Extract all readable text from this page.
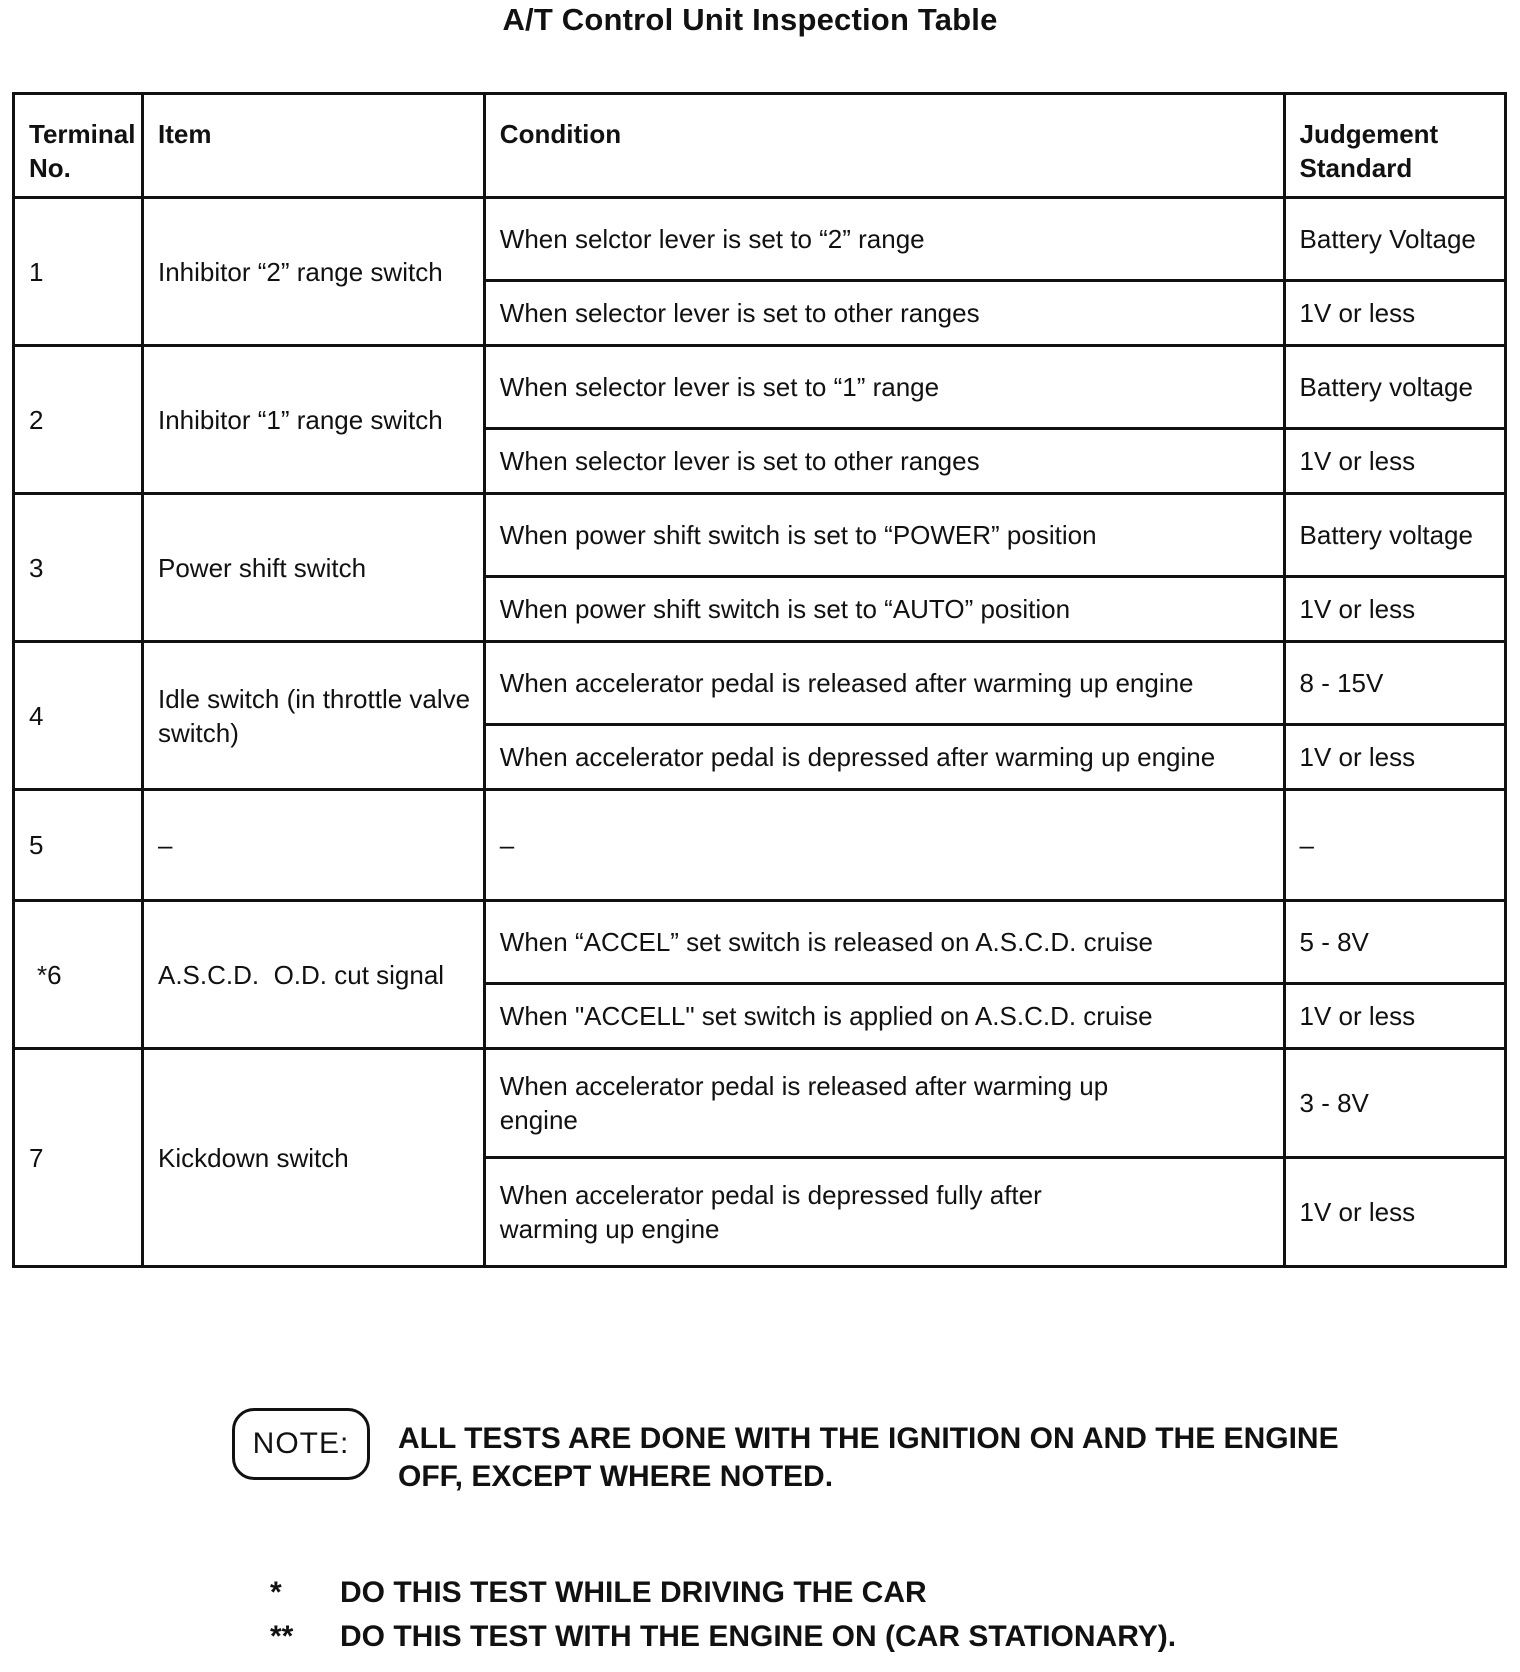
A/T Control Unit Inspection Table
Terminal No.	Item	Condition	Judgement Standard
1	Inhibitor “2” range switch	When selctor lever is set to “2” range	Battery Voltage
		When selector lever is set to other ranges	1V or less
2	Inhibitor “1” range switch	When selector lever is set to “1” range	Battery voltage
		When selector lever is set to other ranges	1V or less
3	Power shift switch	When power shift switch is set to “POWER” position	Battery voltage
		When power shift switch is set to “AUTO” position	1V or less
4	Idle switch (in throttle valve switch)	When accelerator pedal is released after warming up engine	8 - 15V
		When accelerator pedal is depressed after warming up engine	1V or less
5	–	–	–
*6	A.S.C.D.  O.D. cut signal	When “ACCEL” set switch is released on A.S.C.D. cruise	5 - 8V
		When "ACCELL" set switch is applied on A.S.C.D. cruise	1V or less
7	Kickdown switch	When accelerator pedal is released after warming up engine	3 - 8V
		When accelerator pedal is depressed fully after warming up engine	1V or less
NOTE:	ALL TESTS ARE DONE WITH THE IGNITION ON AND THE ENGINE OFF, EXCEPT WHERE NOTED.
* DO THIS TEST WHILE DRIVING THE CAR
** DO THIS TEST WITH THE ENGINE ON (CAR STATIONARY).
